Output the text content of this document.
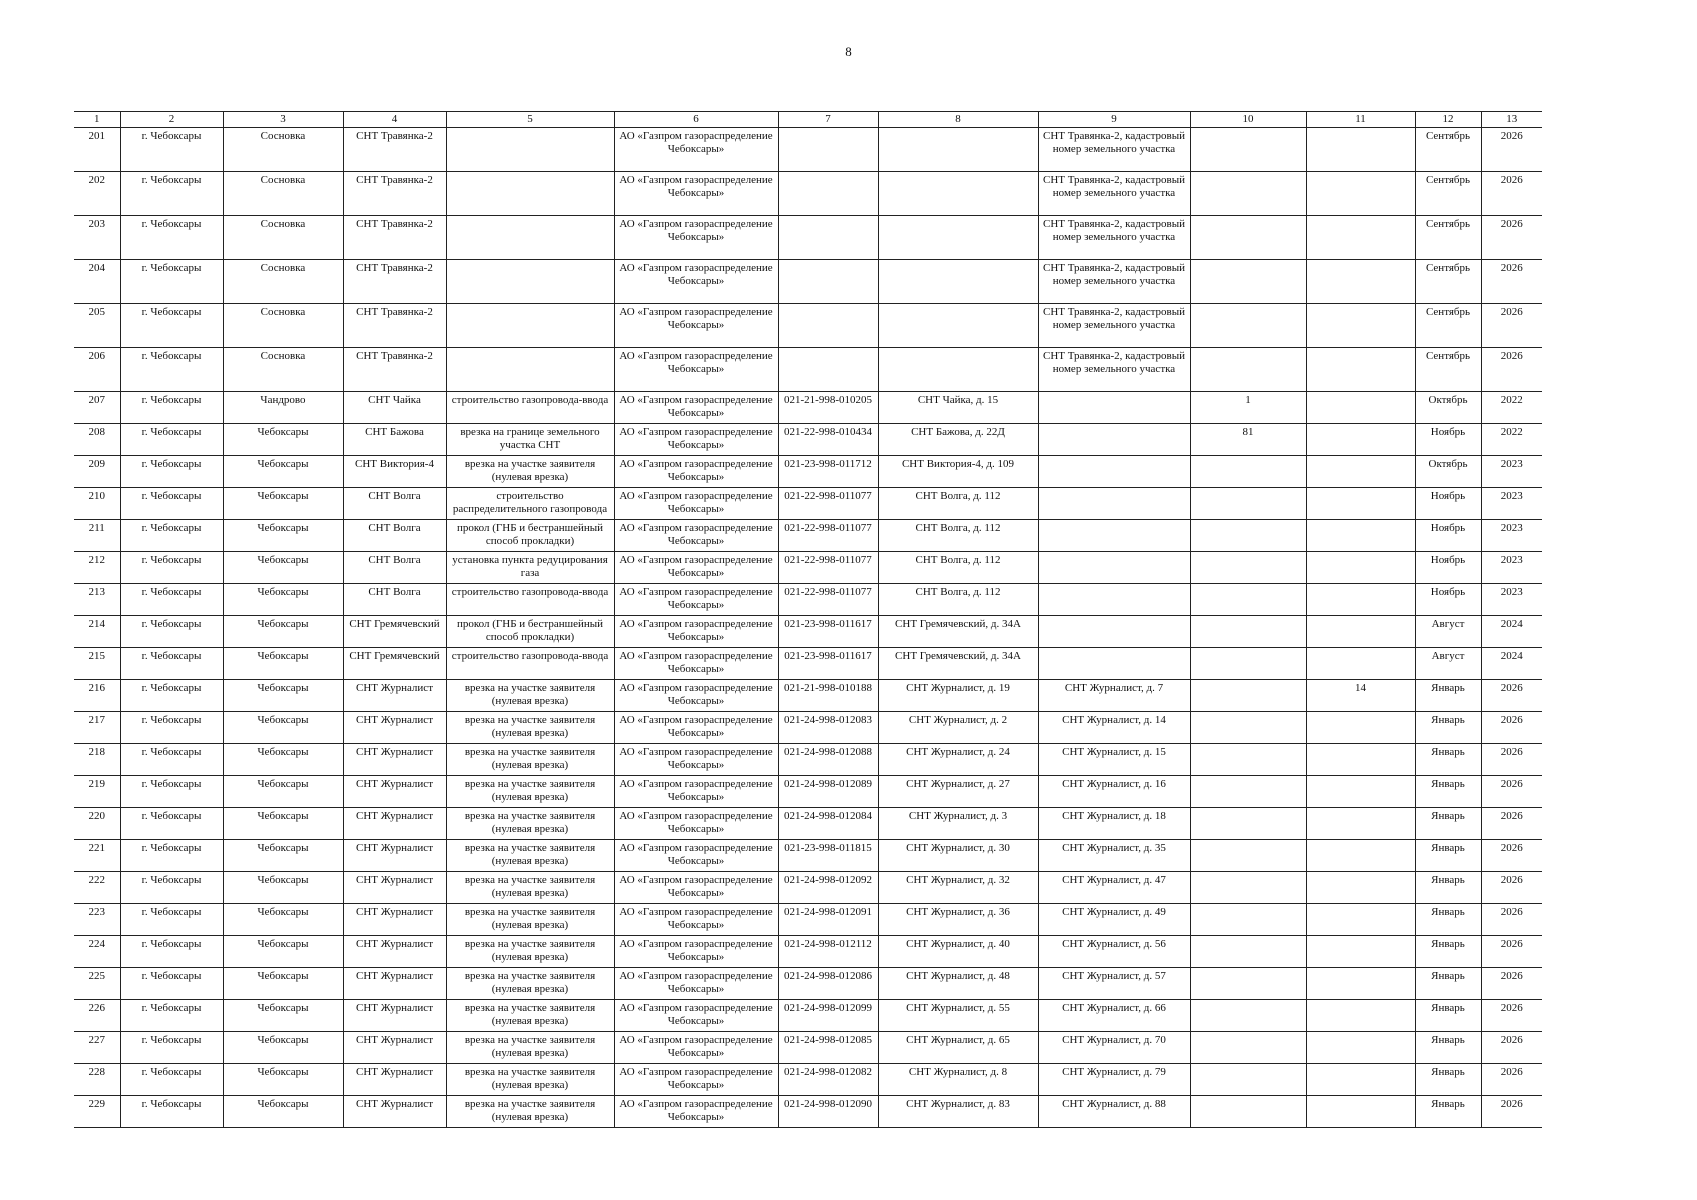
8
1	2	3	4	5	6	7	8	9	10	11	12	13
201	г. Чебоксары	Сосновка	СНТ Травянка-2		АО «Газпром газораспределение Чебоксары»			СНТ Травянка-2, кадастровый номер земельного участка			Сентябрь	2026
202	г. Чебоксары	Сосновка	СНТ Травянка-2		АО «Газпром газораспределение Чебоксары»			СНТ Травянка-2, кадастровый номер земельного участка			Сентябрь	2026
203	г. Чебоксары	Сосновка	СНТ Травянка-2		АО «Газпром газораспределение Чебоксары»			СНТ Травянка-2, кадастровый номер земельного участка			Сентябрь	2026
204	г. Чебоксары	Сосновка	СНТ Травянка-2		АО «Газпром газораспределение Чебоксары»			СНТ Травянка-2, кадастровый номер земельного участка			Сентябрь	2026
205	г. Чебоксары	Сосновка	СНТ Травянка-2		АО «Газпром газораспределение Чебоксары»			СНТ Травянка-2, кадастровый номер земельного участка			Сентябрь	2026
206	г. Чебоксары	Сосновка	СНТ Травянка-2		АО «Газпром газораспределение Чебоксары»			СНТ Травянка-2, кадастровый номер земельного участка			Сентябрь	2026
207	г. Чебоксары	Чандрово	СНТ Чайка	строительство газопровода-ввода	АО «Газпром газораспределение Чебоксары»	021-21-998-010205	СНТ Чайка, д. 15		1		Октябрь	2022
208	г. Чебоксары	Чебоксары	СНТ Бажова	врезка на границе земельного участка СНТ	АО «Газпром газораспределение Чебоксары»	021-22-998-010434	СНТ Бажова, д. 22Д		81		Ноябрь	2022
209	г. Чебоксары	Чебоксары	СНТ Виктория-4	врезка на участке заявителя (нулевая врезка)	АО «Газпром газораспределение Чебоксары»	021-23-998-011712	СНТ Виктория-4, д. 109				Октябрь	2023
210	г. Чебоксары	Чебоксары	СНТ Волга	строительство распределительного газопровода	АО «Газпром газораспределение Чебоксары»	021-22-998-011077	СНТ Волга, д. 112				Ноябрь	2023
211	г. Чебоксары	Чебоксары	СНТ Волга	прокол (ГНБ и бестраншейный способ прокладки)	АО «Газпром газораспределение Чебоксары»	021-22-998-011077	СНТ Волга, д. 112				Ноябрь	2023
212	г. Чебоксары	Чебоксары	СНТ Волга	установка пункта редуцирования газа	АО «Газпром газораспределение Чебоксары»	021-22-998-011077	СНТ Волга, д. 112				Ноябрь	2023
213	г. Чебоксары	Чебоксары	СНТ Волга	строительство газопровода-ввода	АО «Газпром газораспределение Чебоксары»	021-22-998-011077	СНТ Волга, д. 112				Ноябрь	2023
214	г. Чебоксары	Чебоксары	СНТ Гремячевский	прокол (ГНБ и бестраншейный способ прокладки)	АО «Газпром газораспределение Чебоксары»	021-23-998-011617	СНТ Гремячевский, д. 34А				Август	2024
215	г. Чебоксары	Чебоксары	СНТ Гремячевский	строительство газопровода-ввода	АО «Газпром газораспределение Чебоксары»	021-23-998-011617	СНТ Гремячевский, д. 34А				Август	2024
216	г. Чебоксары	Чебоксары	СНТ Журналист	врезка на участке заявителя (нулевая врезка)	АО «Газпром газораспределение Чебоксары»	021-21-998-010188	СНТ Журналист, д. 19	СНТ Журналист, д. 7		14	Январь	2026
217	г. Чебоксары	Чебоксары	СНТ Журналист	врезка на участке заявителя (нулевая врезка)	АО «Газпром газораспределение Чебоксары»	021-24-998-012083	СНТ Журналист, д. 2	СНТ Журналист, д. 14			Январь	2026
218	г. Чебоксары	Чебоксары	СНТ Журналист	врезка на участке заявителя (нулевая врезка)	АО «Газпром газораспределение Чебоксары»	021-24-998-012088	СНТ Журналист, д. 24	СНТ Журналист, д. 15			Январь	2026
219	г. Чебоксары	Чебоксары	СНТ Журналист	врезка на участке заявителя (нулевая врезка)	АО «Газпром газораспределение Чебоксары»	021-24-998-012089	СНТ Журналист, д. 27	СНТ Журналист, д. 16			Январь	2026
220	г. Чебоксары	Чебоксары	СНТ Журналист	врезка на участке заявителя (нулевая врезка)	АО «Газпром газораспределение Чебоксары»	021-24-998-012084	СНТ Журналист, д. 3	СНТ Журналист, д. 18			Январь	2026
221	г. Чебоксары	Чебоксары	СНТ Журналист	врезка на участке заявителя (нулевая врезка)	АО «Газпром газораспределение Чебоксары»	021-23-998-011815	СНТ Журналист, д. 30	СНТ Журналист, д. 35			Январь	2026
222	г. Чебоксары	Чебоксары	СНТ Журналист	врезка на участке заявителя (нулевая врезка)	АО «Газпром газораспределение Чебоксары»	021-24-998-012092	СНТ Журналист, д. 32	СНТ Журналист, д. 47			Январь	2026
223	г. Чебоксары	Чебоксары	СНТ Журналист	врезка на участке заявителя (нулевая врезка)	АО «Газпром газораспределение Чебоксары»	021-24-998-012091	СНТ Журналист, д. 36	СНТ Журналист, д. 49			Январь	2026
224	г. Чебоксары	Чебоксары	СНТ Журналист	врезка на участке заявителя (нулевая врезка)	АО «Газпром газораспределение Чебоксары»	021-24-998-012112	СНТ Журналист, д. 40	СНТ Журналист, д. 56			Январь	2026
225	г. Чебоксары	Чебоксары	СНТ Журналист	врезка на участке заявителя (нулевая врезка)	АО «Газпром газораспределение Чебоксары»	021-24-998-012086	СНТ Журналист, д. 48	СНТ Журналист, д. 57			Январь	2026
226	г. Чебоксары	Чебоксары	СНТ Журналист	врезка на участке заявителя (нулевая врезка)	АО «Газпром газораспределение Чебоксары»	021-24-998-012099	СНТ Журналист, д. 55	СНТ Журналист, д. 66			Январь	2026
227	г. Чебоксары	Чебоксары	СНТ Журналист	врезка на участке заявителя (нулевая врезка)	АО «Газпром газораспределение Чебоксары»	021-24-998-012085	СНТ Журналист, д. 65	СНТ Журналист, д. 70			Январь	2026
228	г. Чебоксары	Чебоксары	СНТ Журналист	врезка на участке заявителя (нулевая врезка)	АО «Газпром газораспределение Чебоксары»	021-24-998-012082	СНТ Журналист, д. 8	СНТ Журналист, д. 79			Январь	2026
229	г. Чебоксары	Чебоксары	СНТ Журналист	врезка на участке заявителя (нулевая врезка)	АО «Газпром газораспределение Чебоксары»	021-24-998-012090	СНТ Журналист, д. 83	СНТ Журналист, д. 88			Январь	2026
